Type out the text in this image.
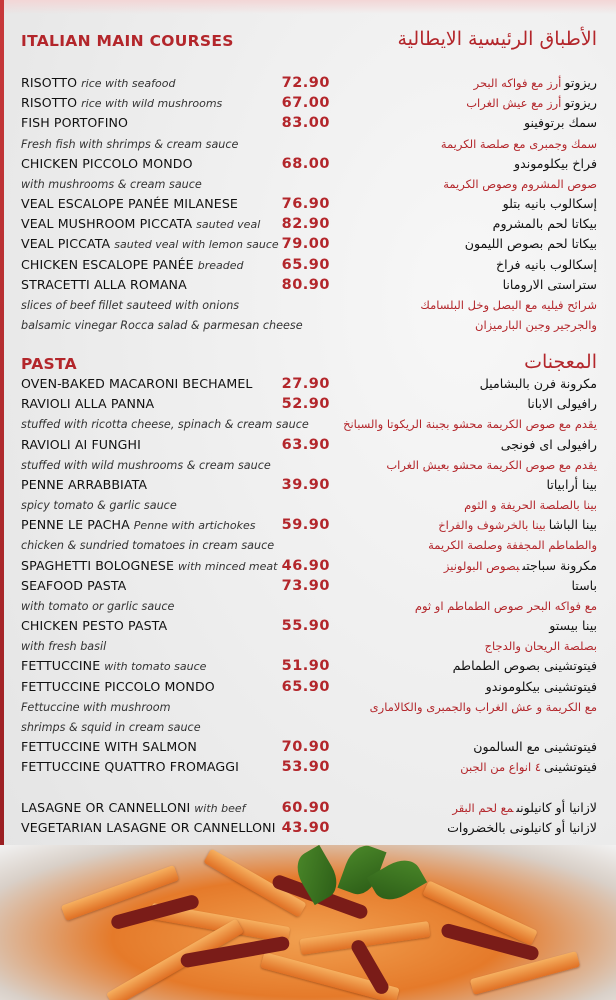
ITALIAN MAIN COURSES	الأطباق الرئيسية الايطالية
RISOTTO rice with seafood	72.90	ريزوتوأرز مع فواكه البحر
RISOTTO rice with wild mushrooms	67.00	ريزوتوأرز مع عيش الغراب
FISH PORTOFINO	83.00	سمك برتوفينو
Fresh fish with shrimps & cream sauce	سمك وجمبرى مع صلصة الكريمة
CHICKEN PICCOLO MONDO	68.00	فراخ بيكلوموندو
with mushrooms & cream sauce	صوص المشروم وصوص الكريمة
VEAL ESCALOPE PANÉE MILANESE	76.90	إسكالوب بانيه بتلو
VEAL MUSHROOM PICCATA sauted veal 82.90	بيكاتا لحم بالمشروم
VEAL PICCATA sauted veal with lemon sauce 79.00	بيكاتا لحم بصوص الليمون
CHICKEN ESCALOPE PANÉE breaded	65.90	إسكالوب بانيه فراخ
STRACETTI ALLA ROMANA	80.90	ستراستى الارومانا
slices of beef fillet sauteed with onions	شرائح فيليه مع البصل وخل البلسامك
balsamic vinegar Rocca salad & parmesan cheese	والجرجير وجبن البارميزان
PASTA	المعجنات
OVEN-BAKED MACARONI BECHAMEL 27.90	مكرونة فرن بالبشاميل
RAVIOLI ALLA PANNA	52.90	رافيولى الابانا
stuffed with ricotta cheese, spinach & cream sauce	يقدم مع صوص الكريمة محشو بجبنة الريكوتا والسبانخ
RAVIOLI AI FUNGHI	63.90	رافيولى اى فونجى
stuffed with wild mushrooms & cream sauce	يقدم مع صوص الكريمة محشو بعيش الغراب
PENNE ARRABBIATA	39.90	بينا أرابياتا
spicy tomato & garlic sauce	بينا بالصلصة الحريفة و الثوم
PENNE LE PACHA Penne with artichokes 59.90	بينا الباشابينا بالخرشوف والفراخ
chicken & sundried tomatoes in cream sauce	والطماطم المجففة وصلصة الكريمة
SPAGHETTI BOLOGNESE with minced meat 46.90	مكرونة سباجتىبصوص البولونيز
SEAFOOD PASTA	73.90	باستا
with tomato or garlic sauce	مع فواكه البحر صوص الطماطم او ثوم
CHICKEN PESTO PASTA	55.90	بينا بيستو
with fresh basil	بصلصة الريحان والدجاج
FETTUCCINE with tomato sauce	51.90	فيتوتشينى بصوص الطماطم
FETTUCCINE PICCOLO MONDO	65.90	فيتوتشينى بيكلوموندو
Fettuccine with mushroom	مع الكريمة و عش الغراب والجمبرى والكالامارى
shrimps & squid in cream sauce
FETTUCCINE WITH SALMON	70.90	فيتوتشينى مع السالمون
FETTUCCINE QUATTRO FROMAGGI	53.90	فيتوتشينى٤ انواع من الجبن
LASAGNE OR CANNELLONI with beef 60.90	لازانيا أو كانيلونىمع لحم البقر
VEGETARIAN LASAGNE OR CANNELLONI 43.90	لازانيا أو كانيلونى بالخضروات
